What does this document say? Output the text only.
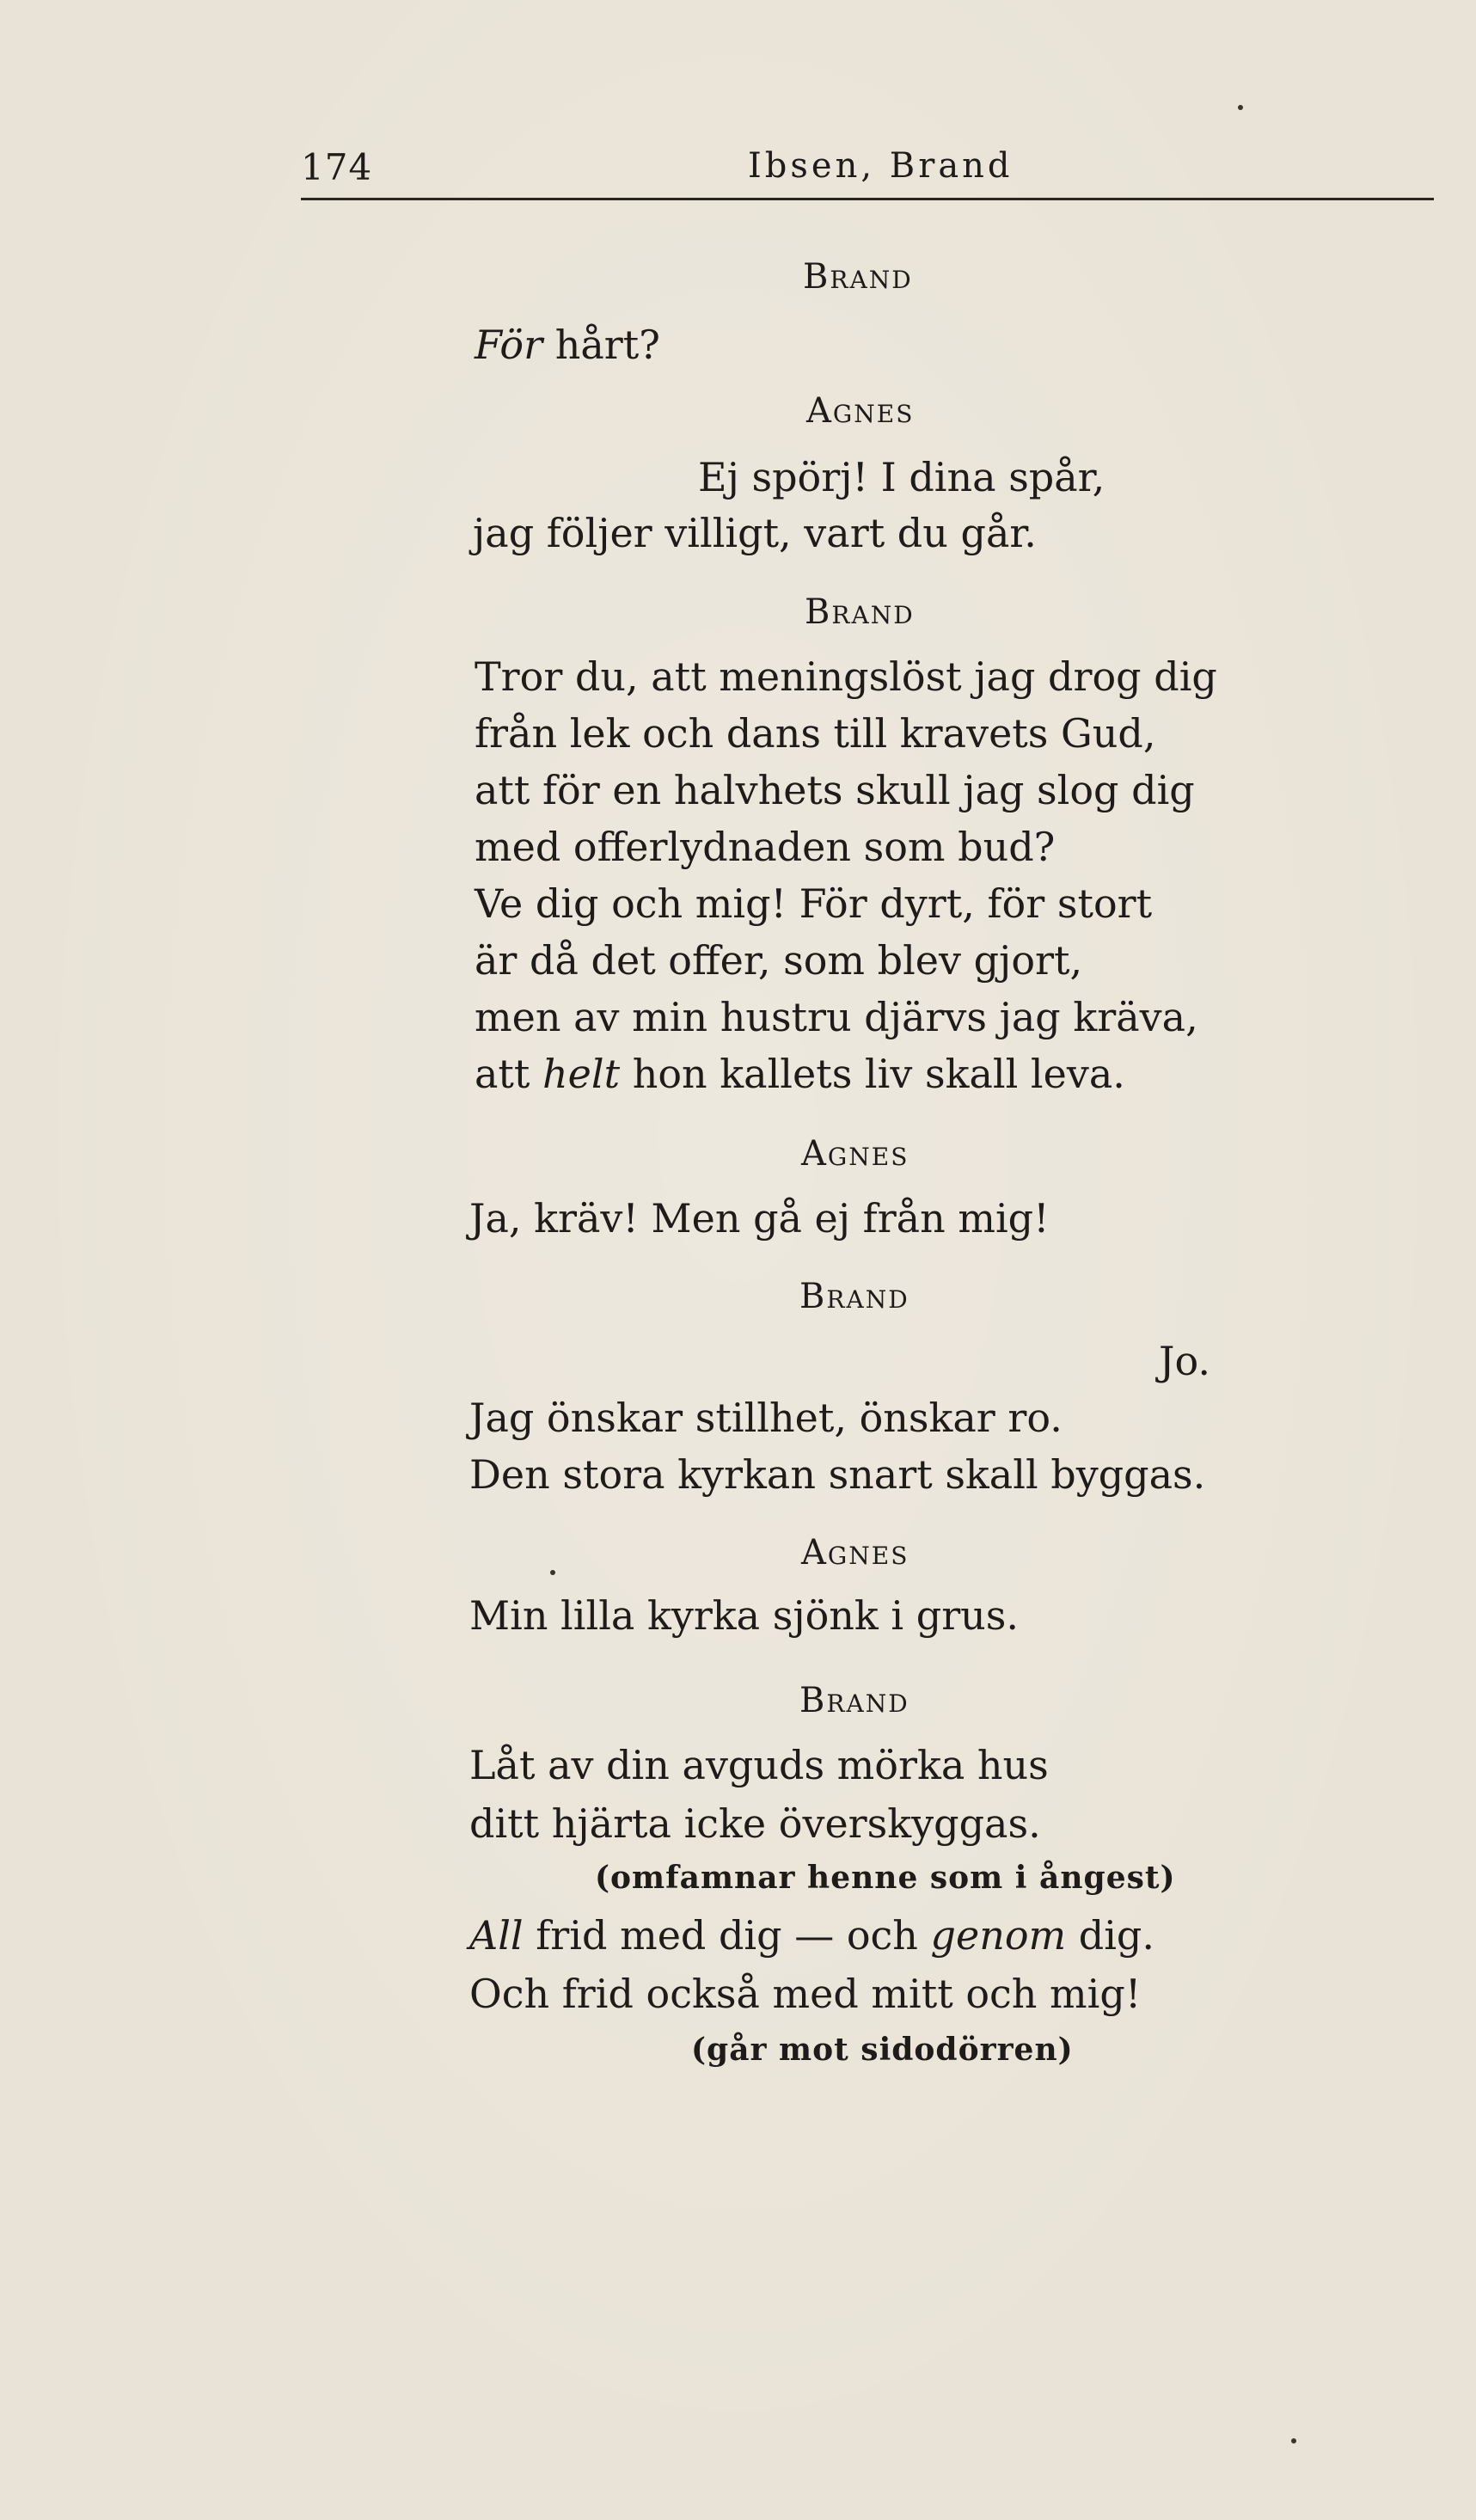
174	Ibsen, Brand
Brand
För hårt?
Agnes
Ej spörj! I dina spår,
jag följer villigt, vart du går.
Brand
Tror du, att meningslöst jag drog dig
från lek och dans till kravets Gud,
att för en halvhets skull jag slog dig
med offerlydnaden som bud?
Ve dig och mig! För dyrt, för stort
är då det offer, som blev gjort,
men av min hustru djärvs jag kräva,
att helt hon kallets liv skall leva.
Agnes
Ja, kräv! Men gå ej från mig!
Brand
Jo.
Jag önskar stillhet, önskar ro.
Den stora kyrkan snart skall byggas.
Agnes
Min lilla kyrka sjönk i grus.
Brand
Låt av din avguds mörka hus
ditt hjärta icke överskyggas.
(omfamnar henne som i ångest)
All frid med dig — och genom dig.
Och frid också med mitt och mig!
(går mot sidodörren)
